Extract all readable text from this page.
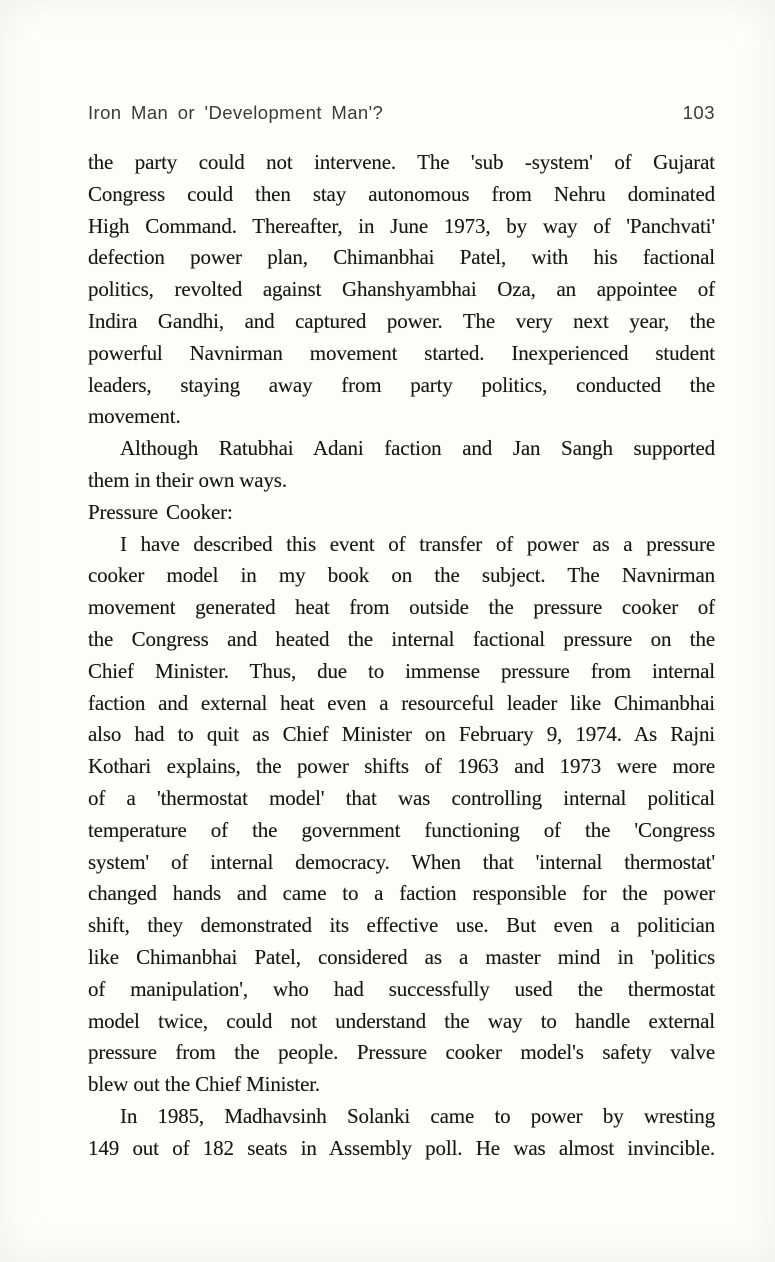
Iron Man or 'Development Man'?	103
the party could not intervene. The 'sub -system' of Gujarat
Congress could then stay autonomous from Nehru dominated
High Command. Thereafter, in June 1973, by way of 'Panchvati'
defection power plan, Chimanbhai Patel, with his factional
politics, revolted against Ghanshyambhai Oza, an appointee of
Indira Gandhi, and captured power. The very next year, the
powerful Navnirman movement started. Inexperienced student
leaders, staying away from party politics, conducted the
movement.
Although Ratubhai Adani faction and Jan Sangh supported
them in their own ways.
Pressure Cooker:
I have described this event of transfer of power as a pressure
cooker model in my book on the subject. The Navnirman
movement generated heat from outside the pressure cooker of
the Congress and heated the internal factional pressure on the
Chief Minister. Thus, due to immense pressure from internal
faction and external heat even a resourceful leader like Chimanbhai
also had to quit as Chief Minister on February 9, 1974. As Rajni
Kothari explains, the power shifts of 1963 and 1973 were more
of a 'thermostat model' that was controlling internal political
temperature of the government functioning of the 'Congress
system' of internal democracy. When that 'internal thermostat'
changed hands and came to a faction responsible for the power
shift, they demonstrated its effective use. But even a politician
like Chimanbhai Patel, considered as a master mind in 'politics
of manipulation', who had successfully used the thermostat
model twice, could not understand the way to handle external
pressure from the people. Pressure cooker model's safety valve
blew out the Chief Minister.
In 1985, Madhavsinh Solanki came to power by wresting
149 out of 182 seats in Assembly poll. He was almost invincible.
